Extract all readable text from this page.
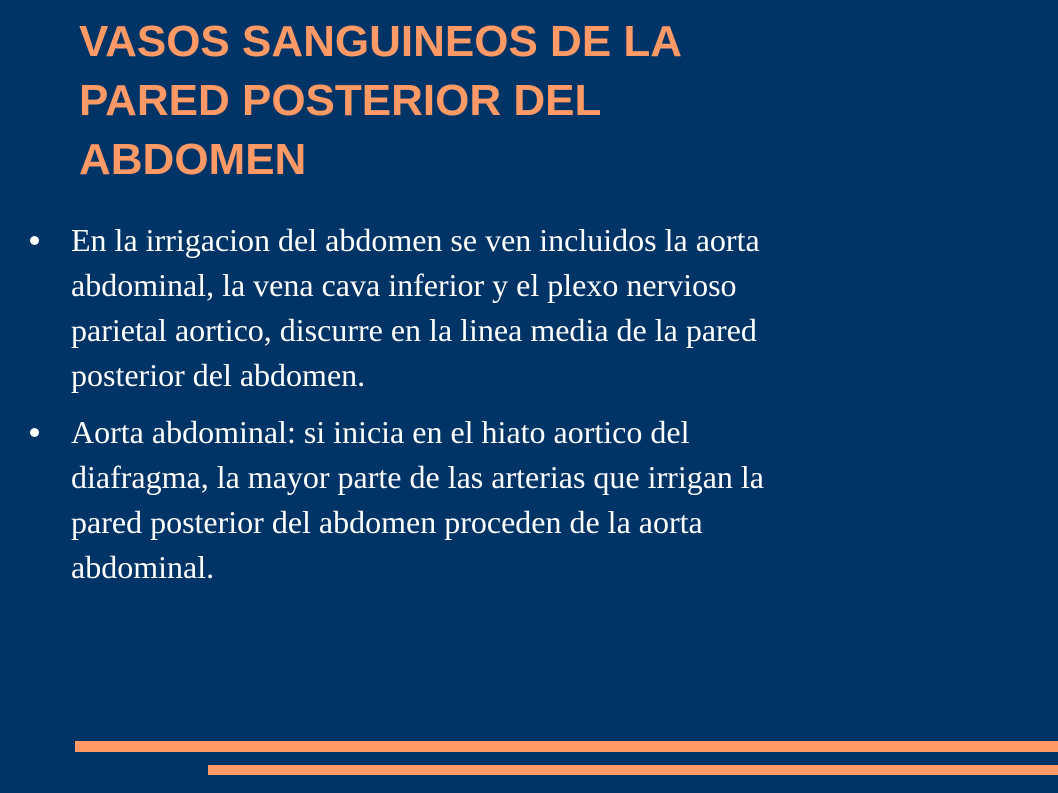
VASOS SANGUINEOS DE LA
PARED POSTERIOR DEL
ABDOMEN
En la irrigacion del abdomen se ven incluidos la aorta
abdominal, la vena cava inferior y el plexo nervioso
parietal aortico, discurre en la linea media de la pared
posterior del abdomen.
Aorta abdominal: si inicia en el hiato aortico del
diafragma, la mayor parte de las arterias que irrigan la
pared posterior del abdomen proceden de la aorta
abdominal.
